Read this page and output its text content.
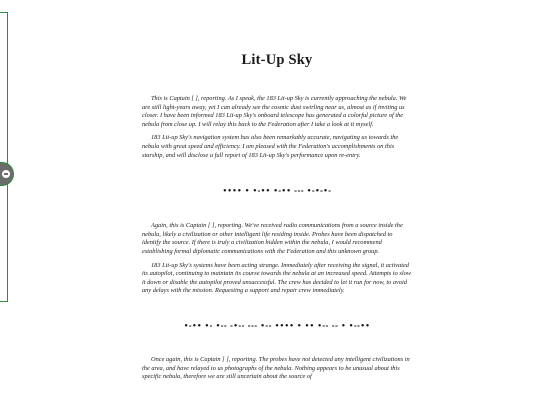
Lit-Up Sky

This is Captain [ ], reporting. As I speak, the 183 Lit-up Sky is currently approaching the nebula. We are still light-years away, yet I can already see the cosmic dust swirling near us, almost as if inviting us closer. I have been informed 183 Lit-up Sky's onboard telescope has generated a colorful picture of the nebula from close up. I will relay this back to the Federation after I take a look at it myself.

183 Lit-up Sky's navigation system has also been remarkably accurate, navigating us towards the nebula with great speed and efficiency. I am pleased with the Federation's accomplishments on this starship, and will disclose a full report of 183 Lit-up Sky's performance upon re-entry.

•••• • •-•• •-•• --- •-•-•-

Again, this is Captain [ ], reporting. We've received radio communications from a source inside the nebula, likely a civilization or other intelligent life residing inside. Probes have been dispatched to identify the source. If there is truly a civilization hidden within the nebula, I would recommend establishing formal diplomatic communications with the Federation and this unknown group.

183 Lit-up Sky's systems have been acting strange. Immediately after receiving the signal, it activated its autopilot, continuing to maintain its course towards the nebula at an increased speed. Attempts to slow it down or disable the autopilot proved unsuccessful. The crew has decided to let it run for now, to avoid any delays with the mission. Requesting a support and repair crew immediately.

•-•• •- •-- -•-- --- •-- •••• • •• •-- -- • •--••

Once again, this is Captain [ ], reporting. The probes have not detected any intelligent civilizations in the area, and have relayed to us photographs of the nebula. Nothing appears to be unusual about this specific nebula, therefore we are still uncertain about the source of
